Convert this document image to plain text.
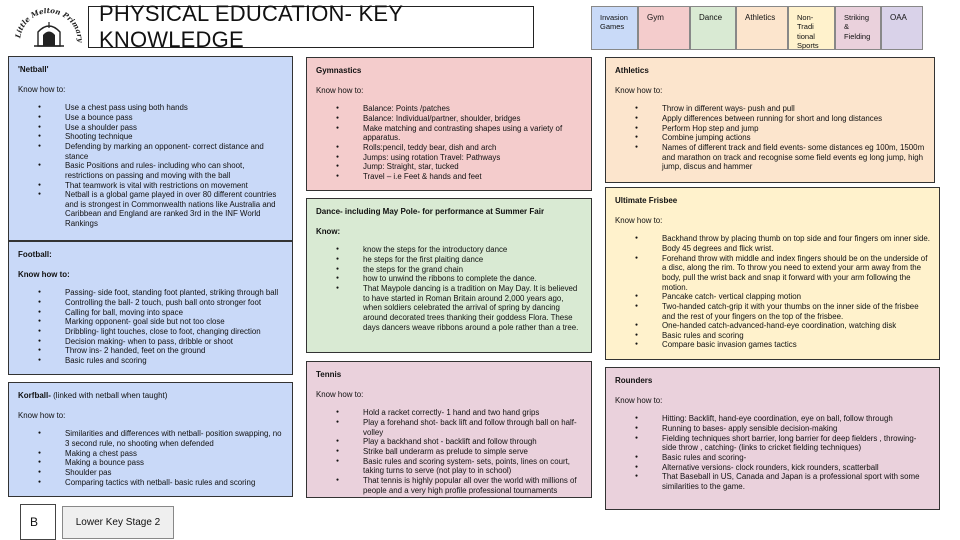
Little Melton Primar
PHYSICAL EDUCATION- KEY KNOWLEDGE
Invasion Games
Gym	Dance	Athletics	Non-Tradi tional Sports
Striking & Fielding
OAA
'Netball'
Know how to:
● Use a chest pass using both hands
● Use a bounce pass
● Use a shoulder pass
● Shooting technique
● Defending by marking an opponent- correct distance and stance
● Basic Positions and rules- including who can shoot, restrictions on passing and moving with the ball
● That teamwork is vital with restrictions on movement
● Netball is a global game played in over 80 different countries and is strongest in Commonwealth nations like Australia and Caribbean and England are ranked 3rd in the INF World Rankings
Football:
Know how to:
● Passing- side foot, standing foot planted, striking through ball
● Controlling the ball- 2 touch, push ball onto stronger foot
● Calling for ball, moving into space
● Marking opponent- goal side but not too close
● Dribbling- light touches, close to foot, changing direction
● Decision making- when to pass, dribble or shoot
● Throw ins- 2 handed, feet on the ground
● Basic rules and scoring
Korfball- (linked with netball when taught)
Know how to:
● Similarities and differences with netball- position swapping, no 3 second rule, no shooting when defended
● Making a chest pass
● Making a bounce pass
● Shoulder pas
● Comparing tactics with netball- basic rules and scoring
Gymnastics
Know how to:
● Balance: Points /patches
● Balance: Individual/partner, shoulder, bridges
● Make matching and contrasting shapes using a variety of apparatus.
● Rolls:pencil, teddy bear, dish and arch
● Jumps: using rotation Travel: Pathways
● Jump: Straight, star, tucked
● Travel – i.e Feet & hands and feet
Dance- including May Pole- for performance at Summer Fair
Know:
● know the steps for the introductory dance
● he steps for the first plaiting dance
● the steps for the grand chain
● how to unwind the ribbons to complete the dance.
● That Maypole dancing is a tradition on May Day. It is believed to have started in Roman Britain around 2,000 years ago, when soldiers celebrated the arrival of spring by dancing around decorated trees thanking their goddess Flora. These days dancers weave ribbons around a pole rather than a tree.
Tennis
Know how to:
● Hold a racket correctly- 1 hand and two hand grips
● Play a forehand shot- back lift and follow through ball on half-volley
● Play a backhand shot - backlift and follow through
● Strike ball underarm as prelude to simple serve
● Basic rules and scoring system- sets, points, lines on court, taking turns to serve (not play to in school)
● That tennis is highly popular all over the world with millions of people and a very high profile professional tournaments
Athletics
Know how to:
● Throw in different ways- push and pull
● Apply differences between running for short and long distances
● Perform Hop step and jump
● Combine jumping actions
● Names of different track and field events- some distances eg 100m, 1500m and marathon on track and recognise some field events eg long jump, high jump, discus and hammer
Ultimate Frisbee
Know how to:
● Backhand throw by placing thumb on top side and four fingers om inner side. Body 45 degrees and flick wrist.
● Forehand throw with middle and index fingers should be on the underside of a disc, along the rim. To throw you need to extend your arm away from the body, pull the wrist back and snap it forward with your arm following the motion.
● Pancake catch- vertical clapping motion
● Two-handed catch-grip it with your thumbs on the inner side of the frisbee and the rest of your fingers on the top of the frisbee.
● One-handed catch-advanced-hand-eye coordination, watching disk
● Basic rules and scoring
● Compare basic invasion games tactics
Rounders
Know how to:
● Hitting: Backlift, hand-eye coordination, eye on ball, follow through
● Running to bases- apply sensible decision-making
● Fielding techniques short barrier, long barrier for deep fielders , throwing- side throw , catching- (links to cricket fielding techniques)
● Basic rules and scoring-
● Alternative versions- clock rounders, kick rounders, scatterball
● That Baseball in US, Canada and Japan is a professional sport with some similarities to the game.
B	Lower Key Stage 2
